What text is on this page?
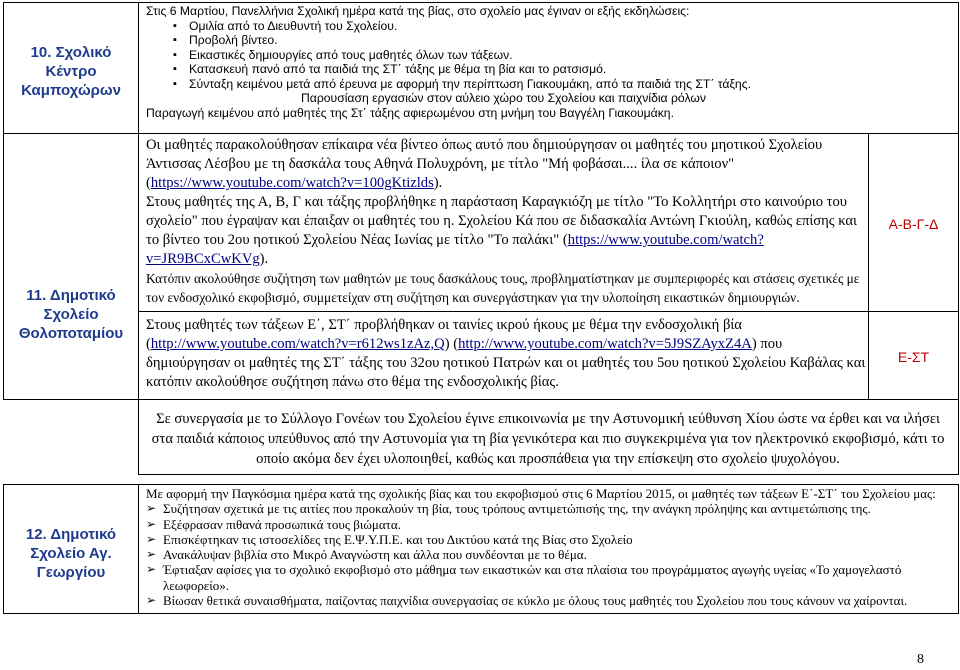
10. Σχολικό Κέντρο Καμποχώρων
Στις 6 Μαρτίου, Πανελλήνια Σχολική ημέρα κατά της βίας, στο σχολείο μας έγιναν οι εξής εκδηλώσεις:
▪ Ομιλία από το Διευθυντή του Σχολείου.
▪ Προβολή βίντεο.
▪ Εικαστικές δημιουργίες από τους μαθητές όλων των τάξεων.
▪ Κατασκευή πανό από τα παιδιά της ΣΤ΄ τάξης με θέμα τη βία και το ρατσισμό.
▪ Σύνταξη κειμένου μετά από έρευνα με αφορμή την περίπτωση Γιακουμάκη, από τα παιδιά της ΣΤ΄ τάξης.
Παρουσίαση εργασιών στον αύλειο χώρο του Σχολείου και παιχνίδια ρόλων
Παραγωγή κειμένου από μαθητές της Στ΄ τάξης αφιερωμένου στη μνήμη του Βαγγέλη Γιακουμάκη.
11. Δημοτικό Σχολείο Θολοποταμίου
Οι μαθητές παρακολούθησαν επίκαιρα νέα βίντεο όπως αυτό που δημιούργησαν οι μαθητές του μηοτικού Σχολείου Άντισσας Λέσβου με τη δασκάλα τους Αθηνά Πολυχρόνη, με τίτλο "Μή φοβάσαι.... ίλα σε κάποιον" (https://www.youtube.com/watch?v=100gKtizlds).
Στους μαθητές της Α, Β, Γ και τάξης προβλήθηκε η παράσταση Καραγκιόζη με τίτλο "Το Κολλητήρι στο καινούριο του σχολείο" που έγραψαν και έπαιξαν οι μαθητές του η. Σχολείου Κά που σε διδασκαλία Αντώνη Γκιούλη, καθώς επίσης και το βίντεο του 2ου ηοτικού Σχολείου Νέας Ιωνίας με τίτλο "Το παλάκι" (https://www.youtube.com/watch?v=JR9BCxCwKVg).
Κατόπιν ακολούθησε συζήτηση των μαθητών με τους δασκάλους τους, προβληματίστηκαν με συμπεριφορές και στάσεις σχετικές με τον ενδοσχολικό εκφοβισμό, συμμετείχαν στη συζήτηση και συνεργάστηκαν για την υλοποίηση εικαστικών δημιουργιών.
Α-Β-Γ-Δ
Στους μαθητές των τάξεων Ε΄, ΣΤ΄ προβλήθηκαν οι ταινίες ικρού ήκους με θέμα την ενδοσχολική βία (http://www.youtube.com/watch?v=r612ws1zAz,Q) (http://www.youtube.com/watch?v=5J9SZAyxZ4A) που δημιούργησαν οι μαθητές της ΣΤ΄ τάξης του 32ου ηοτικού Πατρών και οι μαθητές του 5ου ηοτικού Σχολείου Καβάλας και κατόπιν ακολούθησε συζήτηση πάνω στο θέμα της ενδοσχολικής βίας.
Ε-ΣΤ
Σε συνεργασία με το Σύλλογο Γονέων του Σχολείου έγινε επικοινωνία με την Αστυνομική ιεύθυνση Χίου ώστε να έρθει και να ιλήσει στα παιδιά κάποιος υπεύθυνος από την Αστυνομία για τη βία γενικότερα και πιο συγκεκριμένα για τον ηλεκτρονικό εκφοβισμό, κάτι το οποίο ακόμα δεν έχει υλοποιηθεί, καθώς και προσπάθεια για την επίσκεψη στο σχολείο ψυχολόγου.
12. Δημοτικό Σχολείο Αγ. Γεωργίου
Με αφορμή την Παγκόσμια ημέρα κατά της σχολικής βίας και του εκφοβισμού στις 6 Μαρτίου 2015, οι μαθητές των τάξεων Ε΄-ΣΤ΄ του Σχολείου μας:
➢ Συζήτησαν σχετικά με τις αιτίες που προκαλούν τη βία, τους τρόπους αντιμετώπισής της, την ανάγκη πρόληψης και αντιμετώπισης της.
➢ Εξέφρασαν πιθανά προσωπικά τους βιώματα.
➢ Επισκέφτηκαν τις ιστοσελίδες της Ε.Ψ.Υ.Π.Ε. και του Δικτύου κατά της Βίας στο Σχολείο
➢ Ανακάλυψαν βιβλία στο Μικρό Αναγνώστη και άλλα που συνδέονται με το θέμα.
➢ Έφτιαξαν αφίσες για το σχολικό εκφοβισμό στο μάθημα των εικαστικών και στα πλαίσια του προγράμματος αγωγής υγείας «Το χαμογελαστό λεωφορείο».
➢ Βίωσαν θετικά συναισθήματα, παίζοντας παιχνίδια συνεργασίας σε κύκλο με όλους τους μαθητές του Σχολείου που τους κάνουν να χαίρονται.
8
